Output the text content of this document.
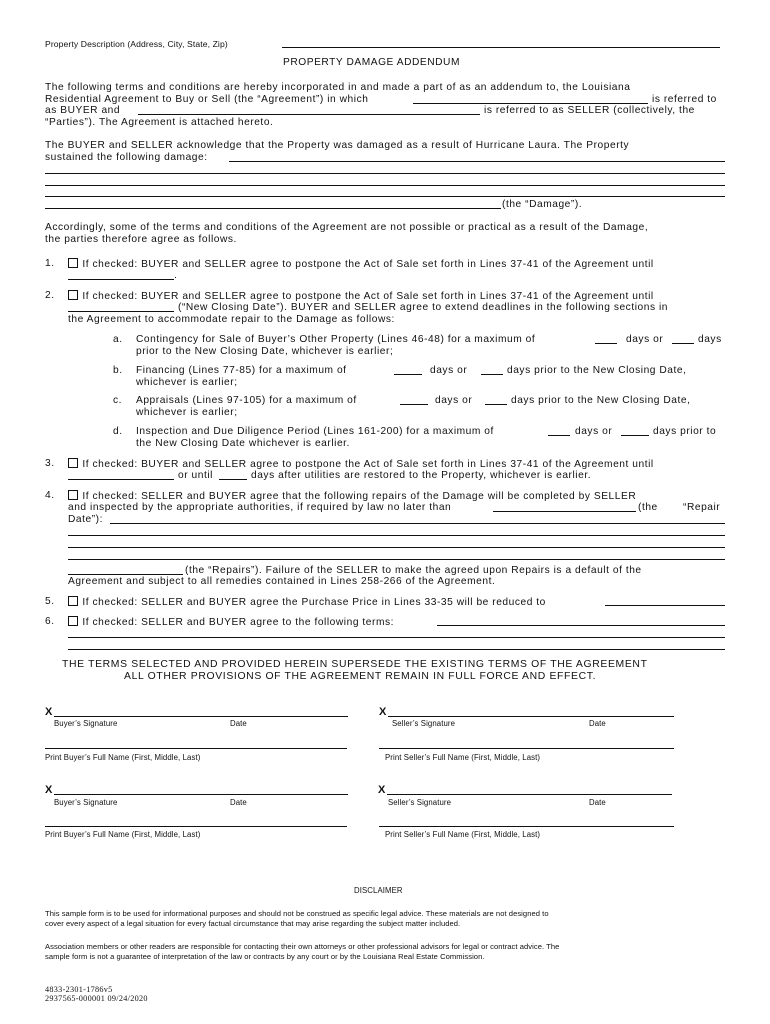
Property Description (Address, City, State, Zip)
PROPERTY DAMAGE ADDENDUM
The following terms and conditions are hereby incorporated in and made a part of as an addendum to, the Louisiana
Residential Agreement to Buy or Sell (the “Agreement”) in which	is referred to
as BUYER and	is referred to as SELLER (collectively, the
“Parties”). The Agreement is attached hereto.
The BUYER and SELLER acknowledge that the Property was damaged as a result of Hurricane Laura. The Property
sustained the following damage:
(the “Damage”).
Accordingly, some of the terms and conditions of the Agreement are not possible or practical as a result of the Damage,
the parties therefore agree as follows.
1.	If checked: BUYER and SELLER agree to postpone the Act of Sale set forth in Lines 37-41 of the Agreement until
.
2.	If checked: BUYER and SELLER agree to postpone the Act of Sale set forth in Lines 37-41 of the Agreement until
(“New Closing Date”). BUYER and SELLER agree to extend deadlines in the following sections in
the Agreement to accommodate repair to the Damage as follows:
a. Contingency for Sale of Buyer’s Other Property (Lines 46-48) for a maximum of	days or	days
prior to the New Closing Date, whichever is earlier;
b. Financing (Lines 77-85) for a maximum of	days or	days prior to the New Closing Date,
whichever is earlier;
c. Appraisals (Lines 97-105) for a maximum of	days or	days prior to the New Closing Date,
whichever is earlier;
d. Inspection and Due Diligence Period (Lines 161-200) for a maximum of	days or	days prior to
the New Closing Date whichever is earlier.
3.	If checked: BUYER and SELLER agree to postpone the Act of Sale set forth in Lines 37-41 of the Agreement until
or until	days after utilities are restored to the Property, whichever is earlier.
4.	If checked: SELLER and BUYER agree that the following repairs of the Damage will be completed by SELLER
and inspected by the appropriate authorities, if required by law no later than	(the “Repair
Date”):
(the “Repairs”). Failure of the SELLER to make the agreed upon Repairs is a default of the
Agreement and subject to all remedies contained in Lines 258-266 of the Agreement.
5.	If checked: SELLER and BUYER agree the Purchase Price in Lines 33-35 will be reduced to
6.	If checked: SELLER and BUYER agree to the following terms:
THE TERMS SELECTED AND PROVIDED HEREIN SUPERSEDE THE EXISTING TERMS OF THE AGREEMENT
ALL OTHER PROVISIONS OF THE AGREEMENT REMAIN IN FULL FORCE AND EFFECT.
X
Buyer’s Signature	Date
X
Seller’s Signature	Date
Print Buyer’s Full Name (First, Middle, Last)	Print Seller’s Full Name (First, Middle, Last)
X
Buyer’s Signature	Date
X
Seller’s Signature	Date
Print Buyer’s Full Name (First, Middle, Last)	Print Seller’s Full Name (First, Middle, Last)
DISCLAIMER
This sample form is to be used for informational purposes and should not be construed as specific legal advice. These materials are not designed to
cover every aspect of a legal situation for every factual circumstance that may arise regarding the subject matter included.
Association members or other readers are responsible for contacting their own attorneys or other professional advisors for legal or contract advice. The
sample form is not a guarantee of interpretation of the law or contracts by any court or by the Louisiana Real Estate Commission.
4833-2301-1786v5
2937565-000001 09/24/2020
